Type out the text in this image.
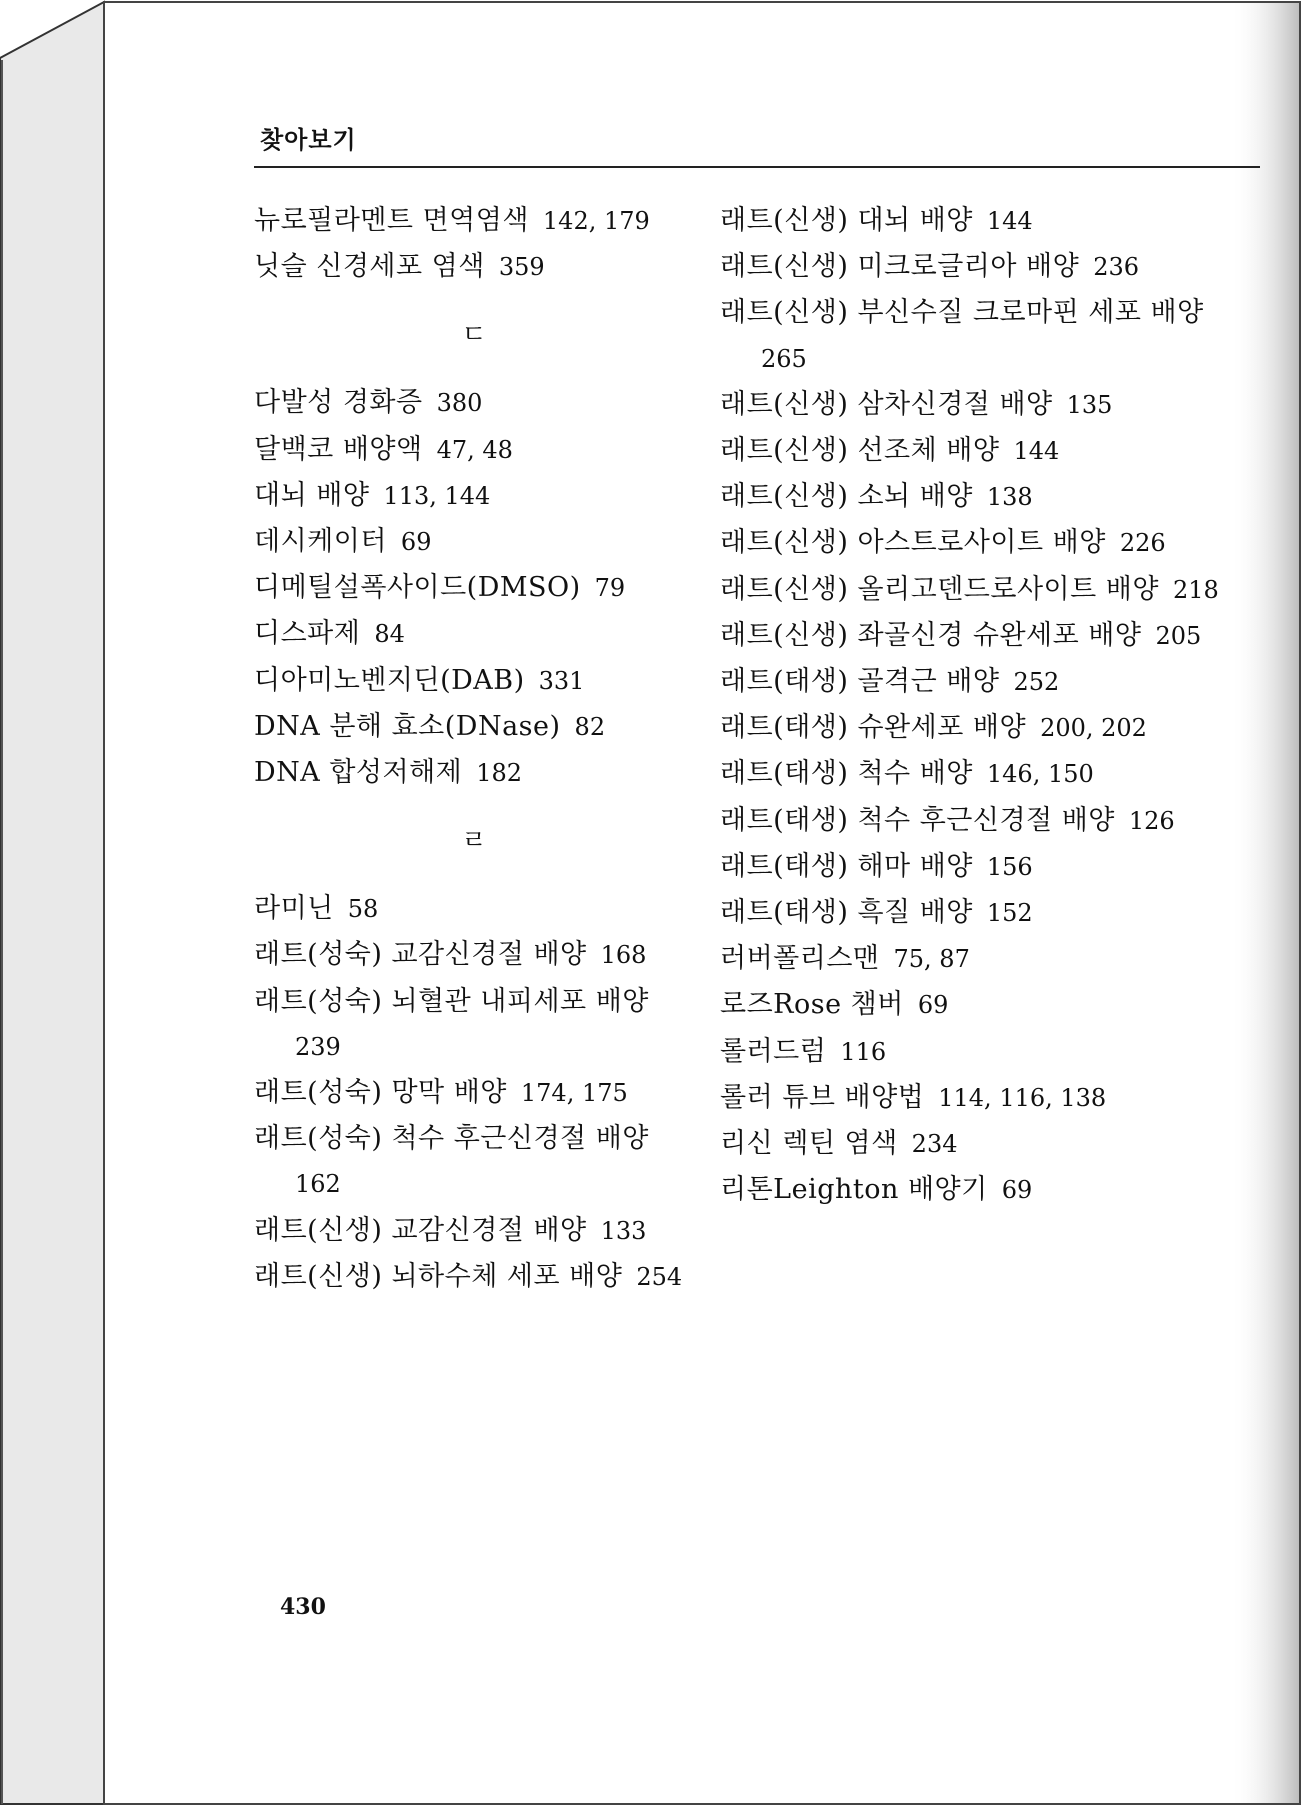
찾아보기

뉴로필라멘트 면역염색 142, 179

닛슬 신경세포 염색 359

ㄷ

다발성 경화증 380

달백코 배양액 47, 48

대뇌 배양 113, 144

데시케이터 69

디메틸설폭사이드(DMSO) 79

디스파제 84

디아미노벤지딘(DAB) 331

DNA 분해 효소(DNase) 82

DNA 합성저해제 182

ㄹ

라미닌 58

래트(성숙) 교감신경절 배양 168

래트(성숙) 뇌혈관 내피세포 배양239

래트(성숙) 망막 배양 174, 175

래트(성숙) 척수 후근신경절 배양162

래트(신생) 교감신경절 배양 133

래트(신생) 뇌하수체 세포 배양 254

래트(신생) 대뇌 배양 144

래트(신생) 미크로글리아 배양 236

래트(신생) 부신수질 크로마핀 세포 배양265

래트(신생) 삼차신경절 배양 135

래트(신생) 선조체 배양 144

래트(신생) 소뇌 배양 138

래트(신생) 아스트로사이트 배양 226

래트(신생) 올리고덴드로사이트 배양 218

래트(신생) 좌골신경 슈완세포 배양 205

래트(태생) 골격근 배양 252

래트(태생) 슈완세포 배양 200, 202

래트(태생) 척수 배양 146, 150

래트(태생) 척수 후근신경절 배양 126

래트(태생) 해마 배양 156

래트(태생) 흑질 배양 152

러버폴리스맨 75, 87

로즈Rose 챔버 69

롤러드럼 116

롤러 튜브 배양법 114, 116, 138

리신 렉틴 염색 234

리톤Leighton 배양기 69

430
